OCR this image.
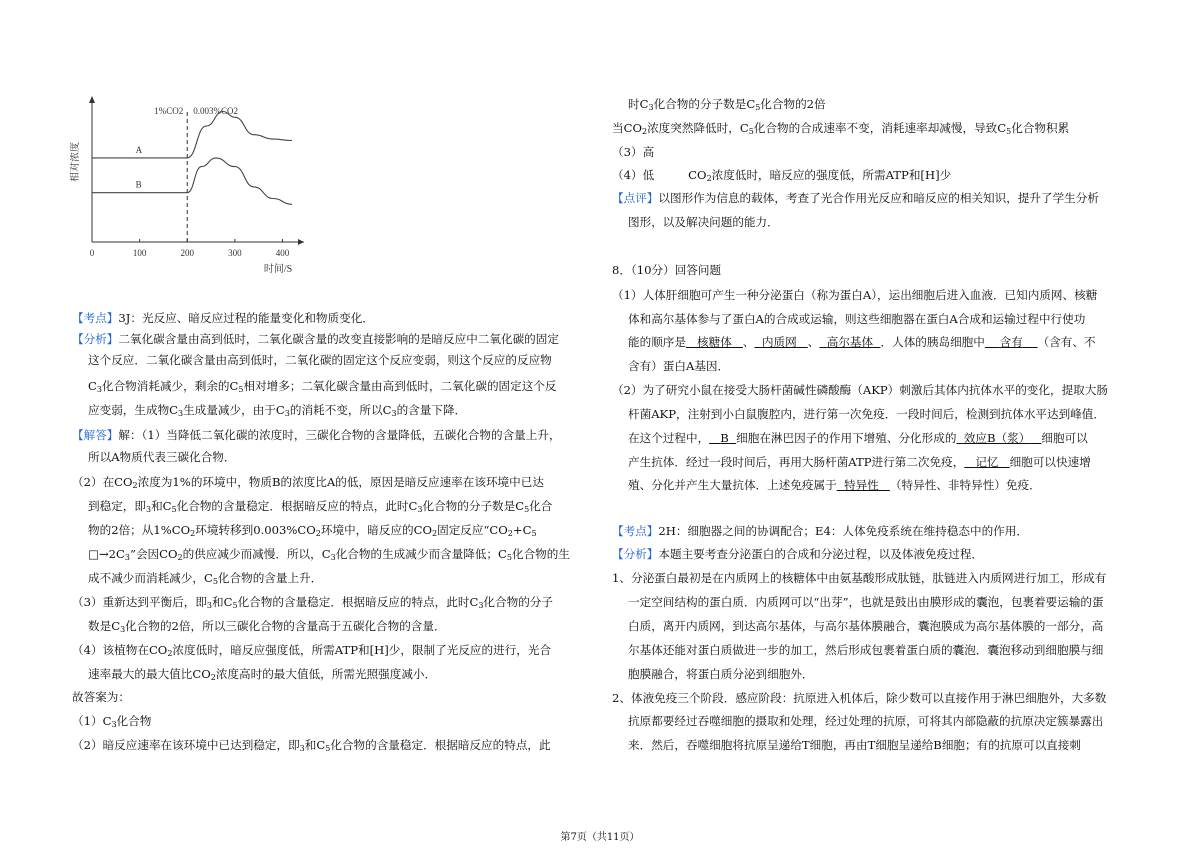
0	100	200	300	400
1%CO2 0.003%CO2
时间/S
相对浓度	A
B
【考点】3J：光反应、暗反应过程的能量变化和物质变化．
【分析】二氧化碳含量由高到低时，二氧化碳含量的改变直接影响的是暗反应中二氧化碳的固定
这个反应．二氧化碳含量由高到低时，二氧化碳的固定这个反应变弱，则这个反应的反应物
$C_3$化合物消耗减少，剩余的$C_5$相对增多；二氧化碳含量由高到低时，二氧化碳的固定这个反
应变弱，生成物$C_3$生成量减少，由于$C_3$的消耗不变，所以$C_3$的含量下降．
【解答】解：（1）当降低二氧化碳的浓度时，三碳化合物的含量降低，五碳化合物的含量上升，
所以A物质代表三碳化合物．
（2）在$CO_2$浓度为1%的环境中，物质B的浓度比A的低，原因是暗反应速率在该环境中已达
到稳定，即$_3$和$C_5$化合物的含量稳定．根据暗反应的特点，此时$C_3$化合物的分子数是$C_5$化合
物的2倍；从$1\%CO_2$环境转移到$0.003\%CO_2$环境中，暗反应的$CO_2$固定反应“$CO_2+C_5$
$□\to 2C_3$”会因$CO_2$的供应减少而减慢．所以，$C_3$化合物的生成减少而含量降低；$C_5$化合物的生
成不减少而消耗减少，$C_5$化合物的含量上升．
（3）重新达到平衡后，即$_3$和$C_5$化合物的含量稳定．根据暗反应的特点，此时$C_3$化合物的分子
数是$C_3$化合物的2倍，所以三碳化合物的含量高于五碳化合物的含量．
（4）该植物在$CO_2$浓度低时，暗反应强度低，所需ATP和[H]少，限制了光反应的进行，光合
速率最大的最大值比$CO_2$浓度高时的最大值低，所需光照强度减小．
故答案为：
$(1)C_3$化合物
（2）暗反应速率在该环境中已达到稳定，即$_3$和$C_5$化合物的含量稳定．根据暗反应的特点，此
时$C_3$化合物的分子数是$C_5$化合物的2倍
当$CO_2$浓度突然降低时，$C_5$化合物的合成速率不变，消耗速率却减慢，导致$C_5$化合物积累
（3）高
（4）低	$CO_2$浓度低时，暗反应的强度低，所需ATP和[H]少
【点评】以图形作为信息的载体，考查了光合作用光反应和暗反应的相关知识，提升了学生分析
图形，以及解决问题的能力．
8．（10分）回答问题
（1）人体肝细胞可产生一种分泌蛋白（称为蛋白A），运出细胞后进入血液．已知内质网、核糖
体和高尔基体参与了蛋白A的合成或运输，则这些细胞器在蛋白A合成和运输过程中行使功
能的顺序是 核糖体 、 内质网 、 高尔基体 ．人体的胰岛细胞中 含有 （含有、不
含有）蛋白A基因．
（2）为了研究小鼠在接受大肠杆菌碱性磷酸酶（AKP）刺激后其体内抗体水平的变化，提取大肠
杆菌AKP，注射到小白鼠腹腔内，进行第一次免疫．一段时间后，检测到抗体水平达到峰值．
在这个过程中， B 细胞在淋巴因子的作用下增殖、分化形成的 效应B（浆） 细胞可以
产生抗体．经过一段时间后，再用大肠杆菌ATP进行第二次免疫， 记忆 细胞可以快速增
殖、分化并产生大量抗体．上述免疫属于 特异性 （特异性、非特异性）免疫．
【考点】2H：细胞器之间的协调配合；E4：人体免疫系统在维持稳态中的作用．
【分析】本题主要考查分泌蛋白的合成和分泌过程，以及体液免疫过程．
1、分泌蛋白最初是在内质网上的核糖体中由氨基酸形成肽链，肽链进入内质网进行加工，形成有
一定空间结构的蛋白质．内质网可以“出芽”，也就是鼓出由膜形成的囊泡，包裹着要运输的蛋
白质，离开内质网，到达高尔基体，与高尔基体膜融合，囊泡膜成为高尔基体膜的一部分，高
尔基体还能对蛋白质做进一步的加工，然后形成包裹着蛋白质的囊泡．囊泡移动到细胞膜与细
胞膜融合，将蛋白质分泌到细胞外．
2、体液免疫三个阶段．感应阶段：抗原进入机体后，除少数可以直接作用于淋巴细胞外，大多数
抗原都要经过吞噬细胞的摄取和处理，经过处理的抗原，可将其内部隐蔽的抗原决定簇暴露出
来．然后，吞噬细胞将抗原呈递给T细胞，再由T细胞呈递给B细胞；有的抗原可以直接刺
第7页（共11页）
